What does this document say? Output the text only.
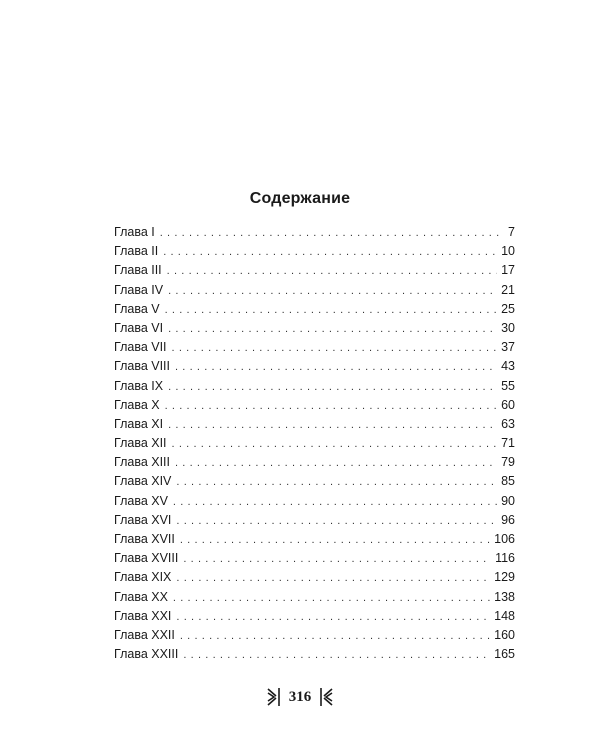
Содержание
Глава I . . .	7
Глава II . . .	10
Глава III . . .	17
Глава IV . . .	21
Глава V . . .	25
Глава VI . . .	30
Глава VII . . .	37
Глава VIII . . .	43
Глава IX . . .	55
Глава X . . .	60
Глава XI . . .	63
Глава XII . . .	71
Глава XIII . . .	79
Глава XIV . . .	85
Глава XV . . .	90
Глава XVI . . .	96
Глава XVII . . .	106
Глава XVIII . . .	116
Глава XIX . . .	129
Глава XX . . .	138
Глава XXI . . .	148
Глава XXII . . .	160
Глава XXIII . . .	165
316
